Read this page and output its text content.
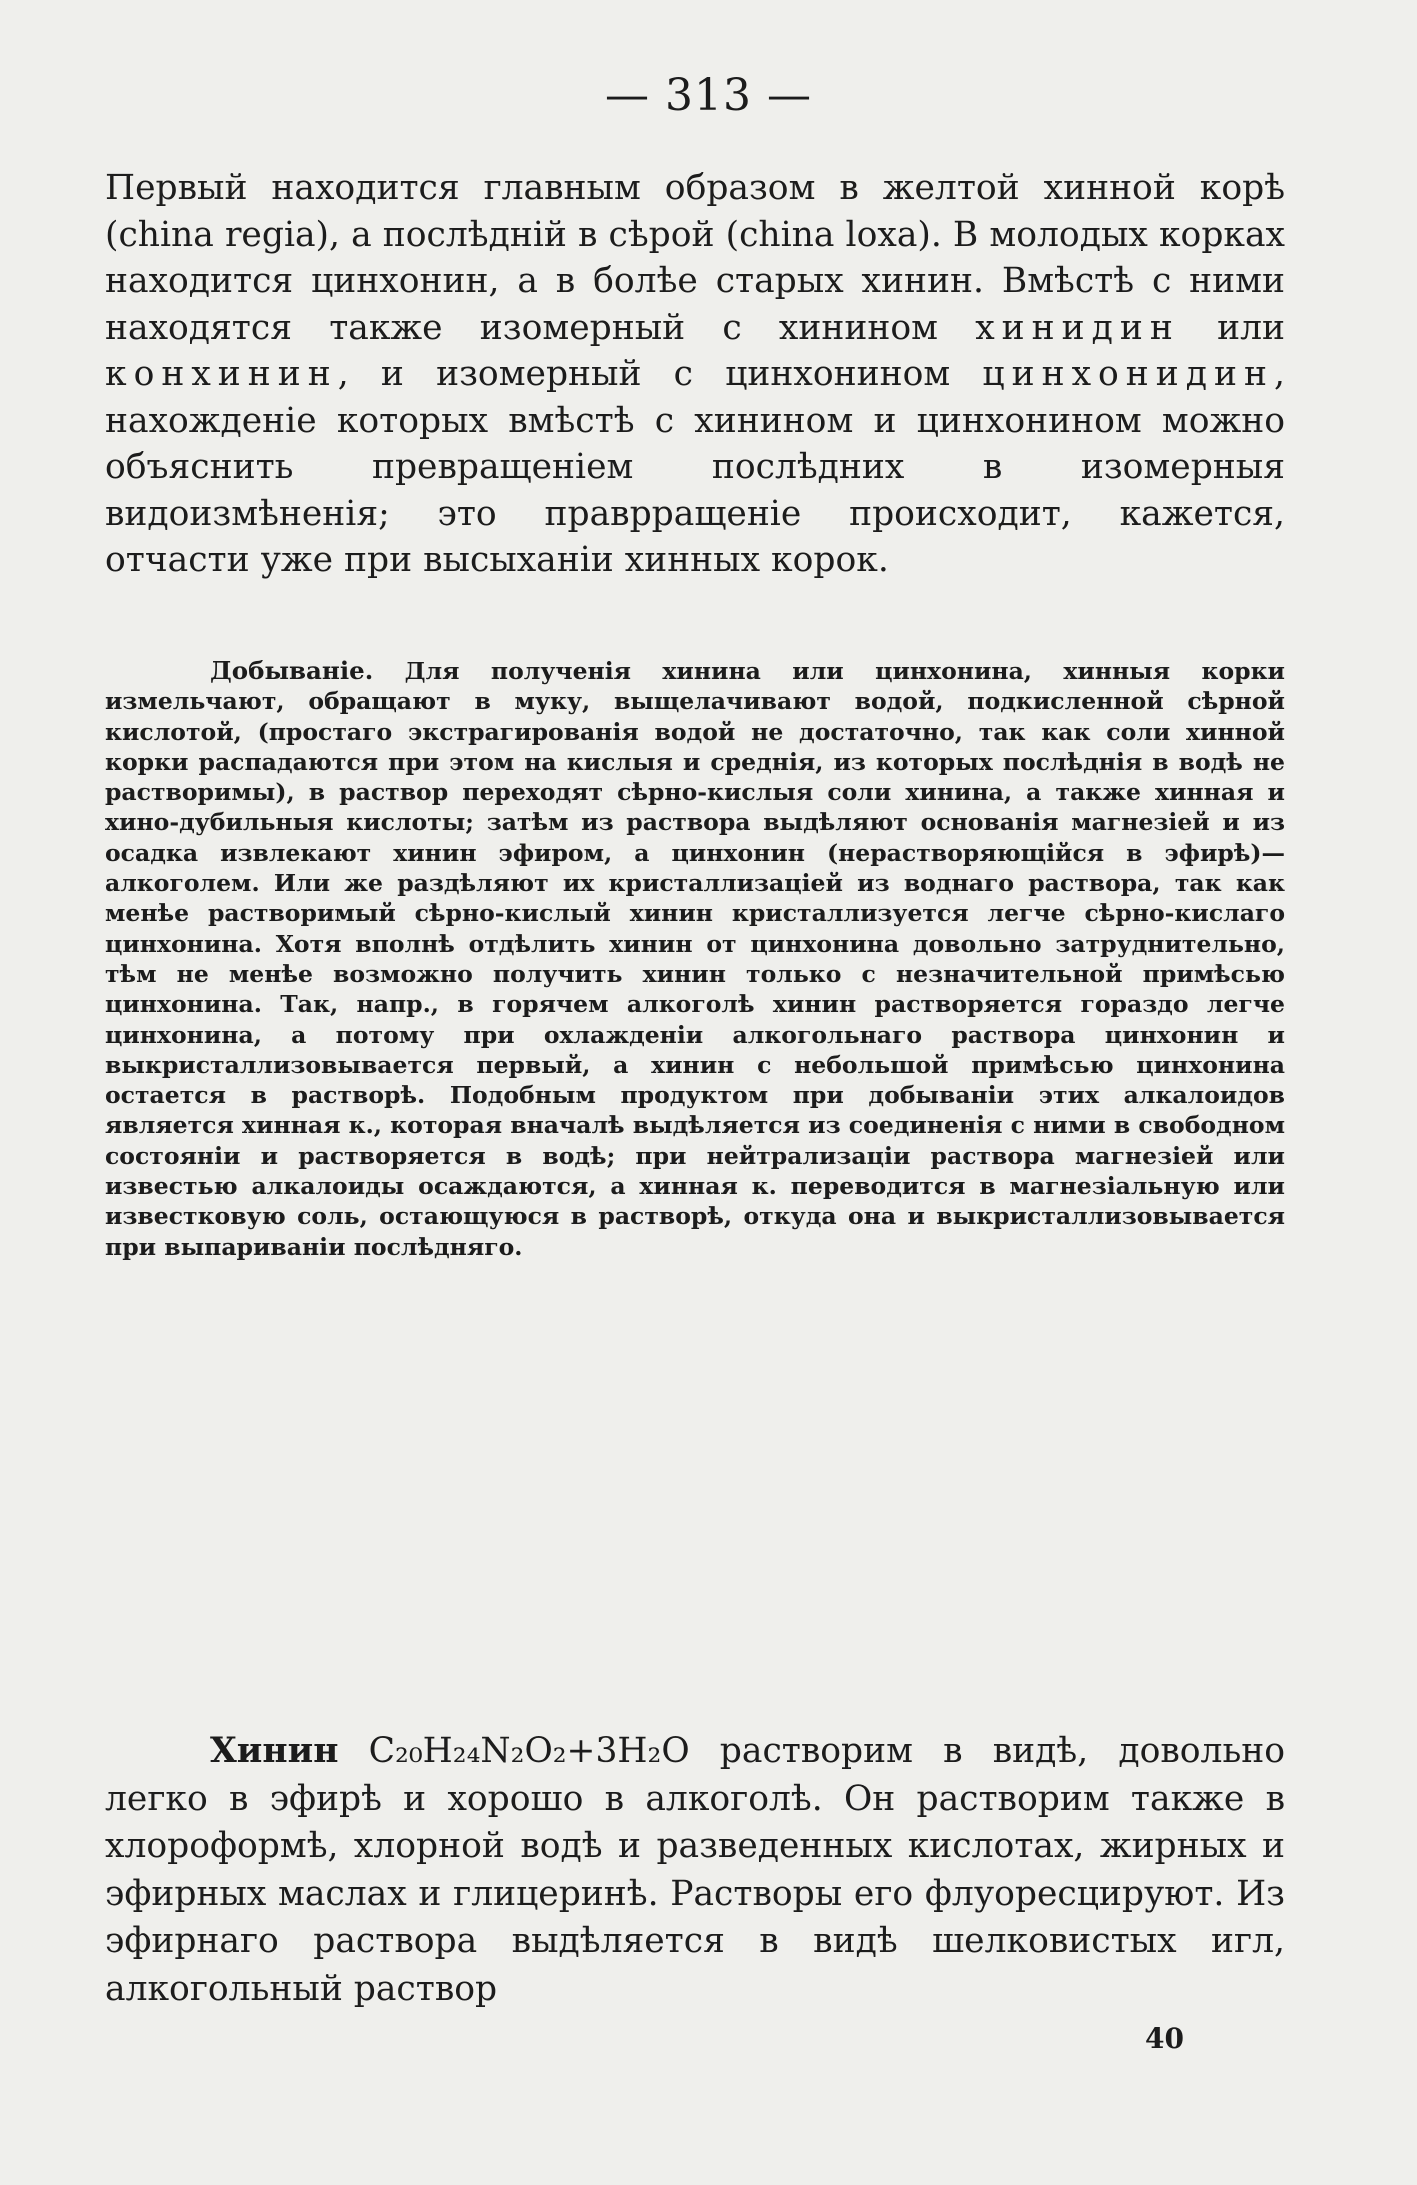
— 313 —
Первый находится главным образом в желтой хинной корѣ (china regia), а послѣднiй в сѣрой (china loxa). В молодых корках находится цинхонин, а в болѣе старых хинин. Вмѣстѣ с ними находятся также изомерный с хинином хинидин или конхинин, и изомерный с цинхонином цинхонидин, нахожденiе которых вмѣстѣ с хинином и цинхонином можно объяснить превращенiем послѣдних в изомерныя видоизмѣненiя; это праврращенiе происходит, кажется, отчасти уже при высыханiи хинных корок.
Добыванiе. Для полученiя хинина или цинхонина, хинныя корки измельчают, обращают в муку, выщелачивают водой, подкисленной сѣрной кислотой, (простаго экстрагированiя водой не достаточно, так как соли хинной корки распадаются при этом на кислыя и среднiя, из которых послѣднiя в водѣ не растворимы), в раствор переходят сѣрно-кислыя соли хинина, а также хинная и хино-дубильныя кислоты; затѣм из раствора выдѣляют основанiя магнезiей и из осадка извлекают хинин эфиром, а цинхонин (нерастворяющiйся в эфирѣ)—алкоголем. Или же раздѣляют их кристаллизацiей из воднаго раствора, так как менѣе растворимый сѣрно-кислый хинин кристаллизуется легче сѣрно-кислаго цинхонина. Хотя вполнѣ отдѣлить хинин от цинхонина довольно затруднительно, тѣм не менѣе возможно получить хинин только с незначительной примѣсью цинхонина. Так, напр., в горячем алкоголѣ хинин растворяется гораздо легче цинхонина, а потому при охлажденiи алкогольнаго раствора цинхонин и выкристаллизовывается первый, а хинин с небольшой примѣсью цинхонина остается в растворѣ. Подобным продуктом при добыванiи этих алкалоидов является хинная к., которая вначалѣ выдѣляется из соединенiя с ними в свободном состоянiи и растворяется в водѣ; при нейтрализацiи раствора магнезiей или известью алкалоиды осаждаются, а хинная к. переводится в магнезiальную или известковую соль, остающуюся в растворѣ, откуда она и выкристаллизовывается при выпариванiи послѣдняго.
Хинин C₂₀H₂₄N₂O₂+3H₂O растворим в видѣ, довольно легко в эфирѣ и хорошо в алкоголѣ. Он растворим также в хлороформѣ, хлорной водѣ и разведенных кислотах, жирных и эфирных маслах и глицеринѣ. Растворы его флуоресцируют. Из эфирнаго раствора выдѣляется в видѣ шелковистых игл, алкогольный раствор
40
